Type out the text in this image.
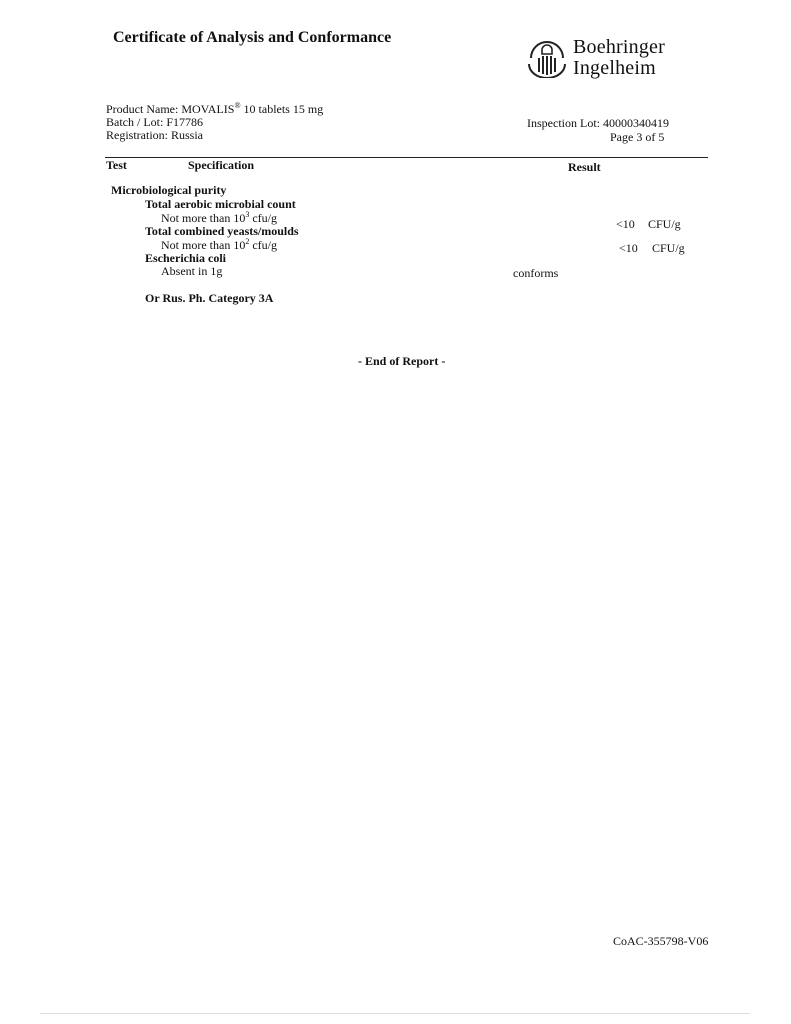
Certificate of Analysis and Conformance	Boehringer
Ingelheim
Product Name: MOVALIS® 10 tablets 15 mg
Batch / Lot: F17786
Registration: Russia
Inspection Lot: 40000340419
Page 3 of 5
Test	Specification	Result
Microbiological purity
Total aerobic microbial count
Not more than $10^3$ cfu/g	<10 CFU/g
Total combined yeasts/moulds
Not more than $10^2$ cfu/g	<10 CFU/g
Escherichia coli
Absent in 1g	conforms
Or Rus. Ph. Category 3A
- End of Report -
CoAC-355798-V06
